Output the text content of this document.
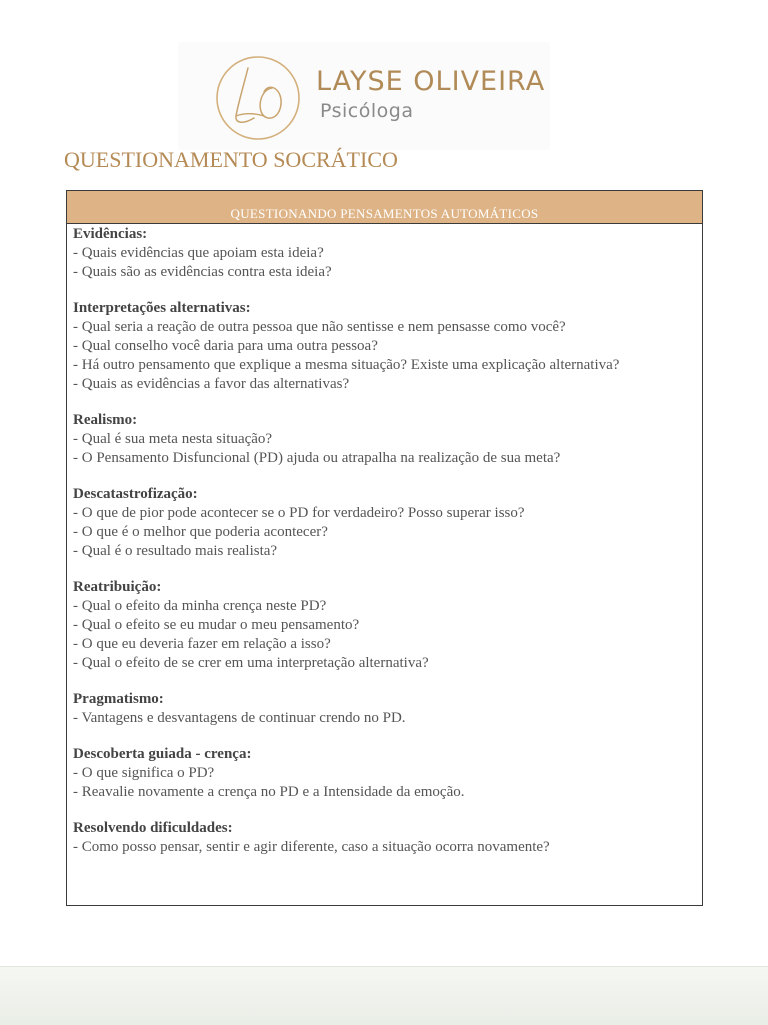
LAYSE OLIVEIRA
Psicóloga
QUESTIONAMENTO SOCRÁTICO
QUESTIONANDO PENSAMENTOS AUTOMÁTICOS
Evidências:
- Quais evidências que apoiam esta ideia?
- Quais são as evidências contra esta ideia?
Interpretações alternativas:
- Qual seria a reação de outra pessoa que não sentisse e nem pensasse como você?
- Qual conselho você daria para uma outra pessoa?
- Há outro pensamento que explique a mesma situação? Existe uma explicação alternativa?
- Quais as evidências a favor das alternativas?
Realismo:
- Qual é sua meta nesta situação?
- O Pensamento Disfuncional (PD) ajuda ou atrapalha na realização de sua meta?
Descatastrofização:
- O que de pior pode acontecer se o PD for verdadeiro? Posso superar isso?
- O que é o melhor que poderia acontecer?
- Qual é o resultado mais realista?
Reatribuição:
- Qual o efeito da minha crença neste PD?
- Qual o efeito se eu mudar o meu pensamento?
- O que eu deveria fazer em relação a isso?
- Qual o efeito de se crer em uma interpretação alternativa?
Pragmatismo:
- Vantagens e desvantagens de continuar crendo no PD.
Descoberta guiada - crença:
- O que significa o PD?
- Reavalie novamente a crença no PD e a Intensidade da emoção.
Resolvendo dificuldades:
- Como posso pensar, sentir e agir diferente, caso a situação ocorra novamente?
